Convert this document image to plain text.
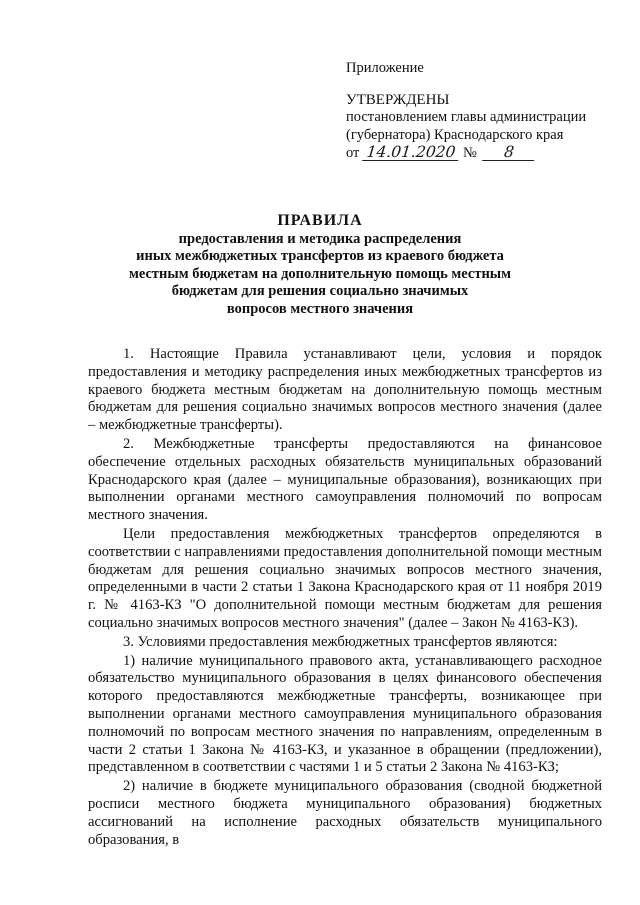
Приложение
УТВЕРЖДЕНЫ
постановлением главы администрации
(губернатора) Краснодарского края
от 14.01.2020 № 8
ПРАВИЛА
предоставления и методика распределения
иных межбюджетных трансфертов из краевого бюджета
местным бюджетам на дополнительную помощь местным
бюджетам для решения социально значимых
вопросов местного значения

1. Настоящие Правила устанавливают цели, условия и порядок предоставления и методику распределения иных межбюджетных трансфертов из краевого бюджета местным бюджетам на дополнительную помощь местным бюджетам для решения социально значимых вопросов местного значения (далее – межбюджетные трансферты).

2. Межбюджетные трансферты предоставляются на финансовое обеспечение отдельных расходных обязательств муниципальных образований Краснодарского края (далее – муниципальные образования), возникающих при выполнении органами местного самоуправления полномочий по вопросам местного значения.

Цели предоставления межбюджетных трансфертов определяются в соответствии с направлениями предоставления дополнительной помощи местным бюджетам для решения социально значимых вопросов местного значения, определенными в части 2 статьи 1 Закона Краснодарского края от 11 ноября 2019 г. № 4163-КЗ "О дополнительной помощи местным бюджетам для решения социально значимых вопросов местного значения" (далее – Закон № 4163-КЗ).

3. Условиями предоставления межбюджетных трансфертов являются:

1) наличие муниципального правового акта, устанавливающего расходное обязательство муниципального образования в целях финансового обеспечения которого предоставляются межбюджетные трансферты, возникающее при выполнении органами местного самоуправления муниципального образования полномочий по вопросам местного значения по направлениям, определенным в части 2 статьи 1 Закона № 4163-КЗ, и указанное в обращении (предложении), представленном в соответствии с частями 1 и 5 статьи 2 Закона № 4163-КЗ;

2) наличие в бюджете муниципального образования (сводной бюджетной росписи местного бюджета муниципального образования) бюджетных ассигнований на исполнение расходных обязательств муниципального образования, в
